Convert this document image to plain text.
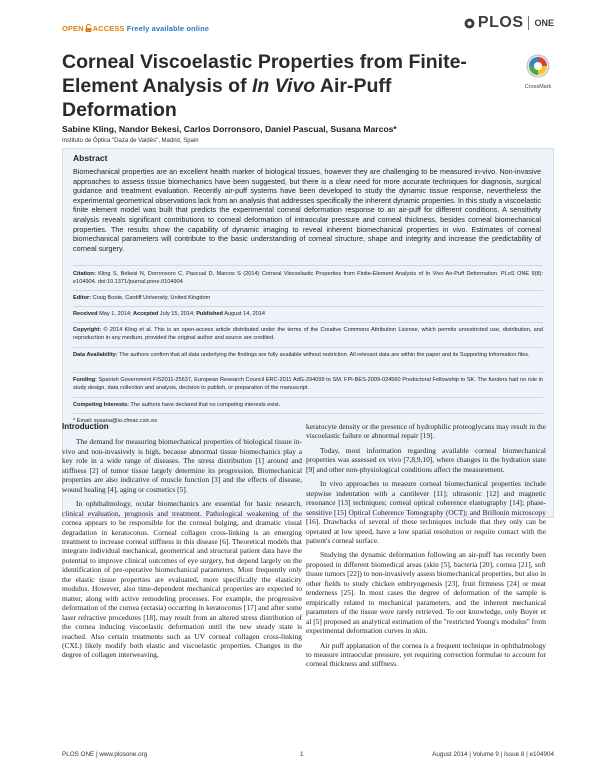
OPEN ACCESS Freely available online	PLOS ONE
Corneal Viscoelastic Properties from Finite-Element Analysis of In Vivo Air-Puff Deformation
CrossMark
Sabine Kling, Nandor Bekesi, Carlos Dorronsoro, Daniel Pascual, Susana Marcos*
Instituto de Óptica "Daza de Valdés", Madrid, Spain
Abstract
Biomechanical properties are an excellent health marker of biological tissues, however they are challenging to be measured in-vivo. Non-invasive approaches to assess tissue biomechanics have been suggested, but there is a clear need for more accurate techniques for diagnosis, surgical guidance and treatment evaluation. Recently air-puff systems have been developed to study the dynamic tissue response, nevertheless the experimental geometrical observations lack from an analysis that addresses specifically the inherent dynamic properties. In this study a viscoelastic finite element model was built that predicts the experimental corneal deformation response to an air-puff for different conditions. A sensitivity analysis reveals significant contributions to corneal deformation of intraocular pressure and corneal thickness, besides corneal biomechanical properties. The results show the capability of dynamic imaging to reveal inherent biomechanical properties in vivo. Estimates of corneal biomechanical parameters will contribute to the basic understanding of corneal structure, shape and integrity and increase the predictability of corneal surgery.
Citation: Kling S, Bekesi N, Dorronsoro C, Pascual D, Marcos S (2014) Corneal Viscoelastic Properties from Finite-Element Analysis of In Vivo Air-Puff Deformation. PLoS ONE 9(8): e104904. doi:10.1371/journal.pone.0104904
Editor: Craig Boote, Cardiff University, United Kingdom
Received May 1, 2014; Accepted July 15, 2014; Published August 14, 2014
Copyright: © 2014 Kling et al. This is an open-access article distributed under the terms of the Creative Commons Attribution License, which permits unrestricted use, distribution, and reproduction in any medium, provided the original author and source are credited.
Data Availability: The authors confirm that all data underlying the findings are fully available without restriction. All relevant data are within the paper and its Supporting Information files.
Funding: Spanish Government FIS2011-25637, European Research Council ERC-2011 AdG-294099 to SM. FPI-BES-2009-024560 Predoctoral Fellowship to SK. The funders had no role in study design, data collection and analysis, decision to publish, or preparation of the manuscript.
Competing Interests: The authors have declared that no competing interests exist.
* Email: susana@io.cfmac.csic.es
Introduction

The demand for measuring biomechanical properties of biological tissue in-vivo and non-invasively is high, because abnormal tissue biomechanics play a key role in a wide range of diseases. The stress distribution [1] around and stiffness [2] of tumor tissue largely determine its progression. Biomechanical properties are also indicative of muscle function [3] and the effects of disease, wound healing [4], aging or cosmetics [5].

In ophthalmology, ocular biomechanics are essential for basic research, clinical evaluation, prognosis and treatment. Pathological weakening of the cornea appears to be responsible for the corneal bulging, and dramatic visual degradation in keratoconus. Corneal collagen cross-linking is an emerging treatment to increase corneal stiffness in this disease [6]. Theoretical models that integrate individual mechanical, geometrical and structural patient data have the potential to improve clinical outcomes of eye surgery, but depend largely on the identification of pre-operative biomechanical parameters. Most frequently only the elastic tissue properties are evaluated, more specifically the elasticity modulus. However, also time-dependent mechanical properties are expected to matter, along with active remodeling processes. For example, the progressive deformation of the cornea (ectasia) occurring in keratoconus [17] and after some laser refractive procedures [18], may result from an altered stress distribution of the cornea inducing viscoelastic deformation until the new steady state is reached. Also certain treatments such as UV corneal collagen cross-linking (CXL) likely modify both elastic and viscoelastic properties. Changes in the degree of collagen interweaving,

keratocyte density or the presence of hydrophilic proteoglycans may result in the viscoelastic failure or abnormal repair [19].

Today, most information regarding available corneal biomechanical properties was assessed ex vivo [7,8,9,10], where changes in the hydration state [9] and other non-physiological conditions affect the measurement.

In vivo approaches to measure corneal biomechanical properties include stepwise indentation with a cantilever [11]; ultrasonic [12] and magnetic resonance [13] techniques; corneal optical coherence elastography [14]; phase-sensitive [15] Optical Coherence Tomography (OCT); and Brillouin microscopy [16]. Drawbacks of several of these techniques include that they only can be operated at low speed, have a low spatial resolution or require contact with the patient's corneal surface.

Studying the dynamic deformation following an air-puff has recently been proposed in different biomedical areas (skin [5], bacteria [20], cornea [21], soft tissue tumors [22]) to non-invasively assess biomechanical properties, but also in other fields to study chicken embryogenesis [23], fruit firmness [24] or meat tenderness [25]. In most cases the degree of deformation of the sample is empirically related to mechanical parameters, and the inherent mechanical parameters of the tissue were rarely retrieved. To our knowledge, only Boyer et al [5] proposed an analytical estimation of the "restricted Young's modulus" from experimental deformation curves in skin.

Air puff applanation of the cornea is a frequent technique in ophthalmology to measure intraocular pressure, yet requiring correction formulae to account for corneal thickness and stiffness.

PLOS ONE | www.plosone.org	1	August 2014 | Volume 9 | Issue 8 | e104904
